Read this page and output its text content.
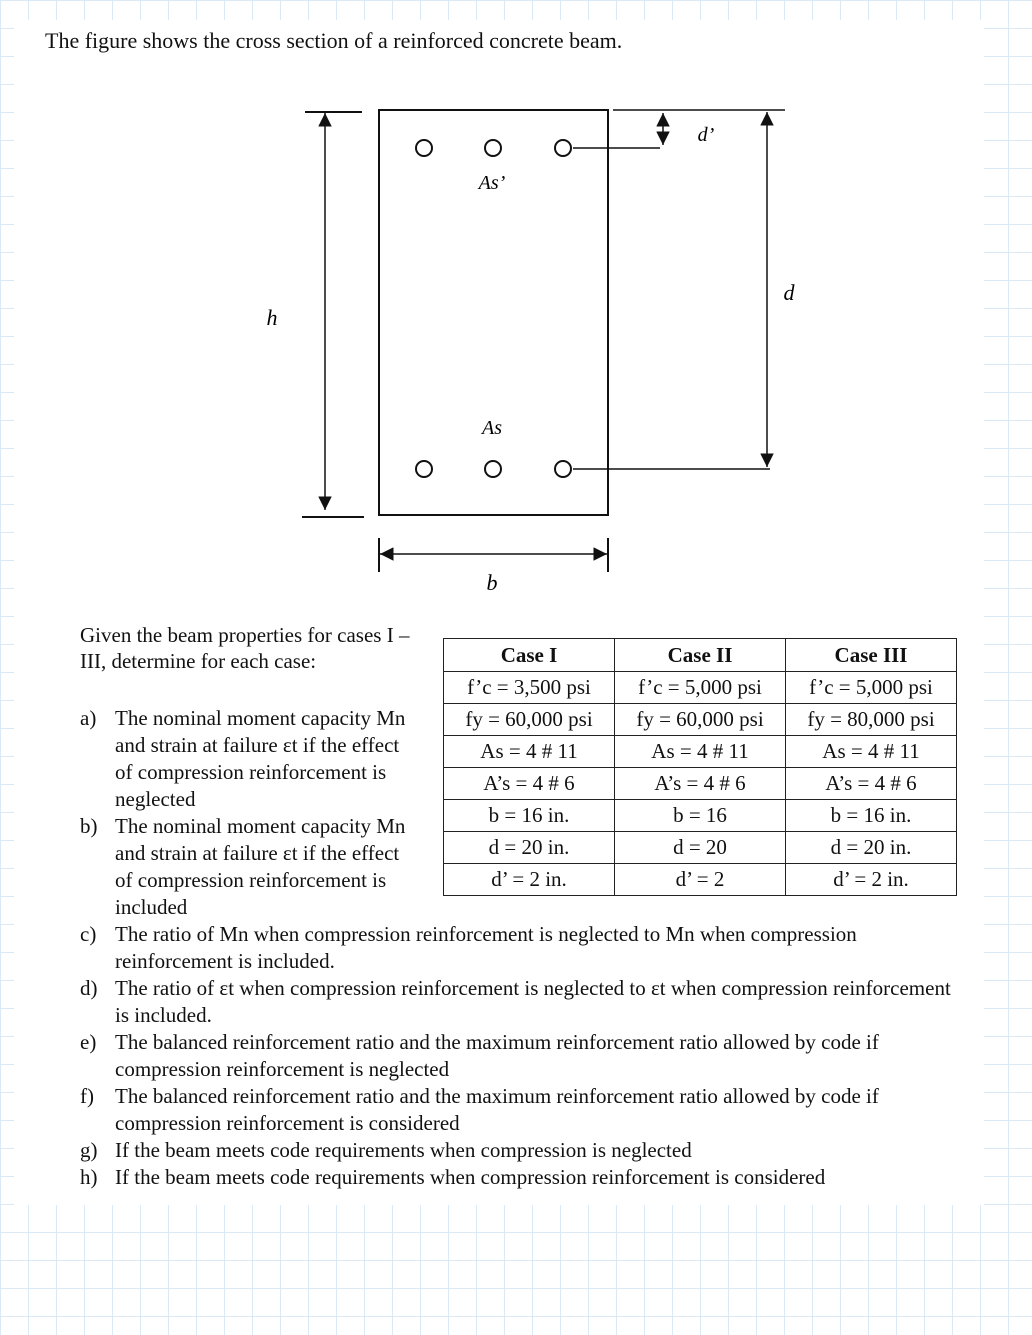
The figure shows the cross section of a reinforced concrete beam.

h
b
d
d’
As’
As

Given the beam properties for cases I – III, determine for each case:	Case I	Case II	Case III
f’c = 3,500 psi	f’c = 5,000 psi	f’c = 5,000 psi
fy = 60,000 psi	fy = 60,000 psi	fy = 80,000 psi
As = 4 # 11	As = 4 # 11	As = 4 # 11
A’s = 4 # 6	A’s = 4 # 6	A’s = 4 # 6
b = 16 in.	b = 16	b = 16 in.
d = 20 in.	d = 20	d = 20 in.
d’ = 2 in.	d’ = 2	d’ = 2 in.
a) The nominal moment capacity Mn and strain at failure εt if the effect of compression reinforcement is neglected
b) The nominal moment capacity Mn and strain at failure εt if the effect of compression reinforcement is included
c) The ratio of Mn when compression reinforcement is neglected to Mn when compression reinforcement is included.
d) The ratio of εt when compression reinforcement is neglected to εt when compression reinforcement is included.
e) The balanced reinforcement ratio and the maximum reinforcement ratio allowed by code if compression reinforcement is neglected
f) The balanced reinforcement ratio and the maximum reinforcement ratio allowed by code if compression reinforcement is considered
g) If the beam meets code requirements when compression is neglected
h) If the beam meets code requirements when compression reinforcement is considered
